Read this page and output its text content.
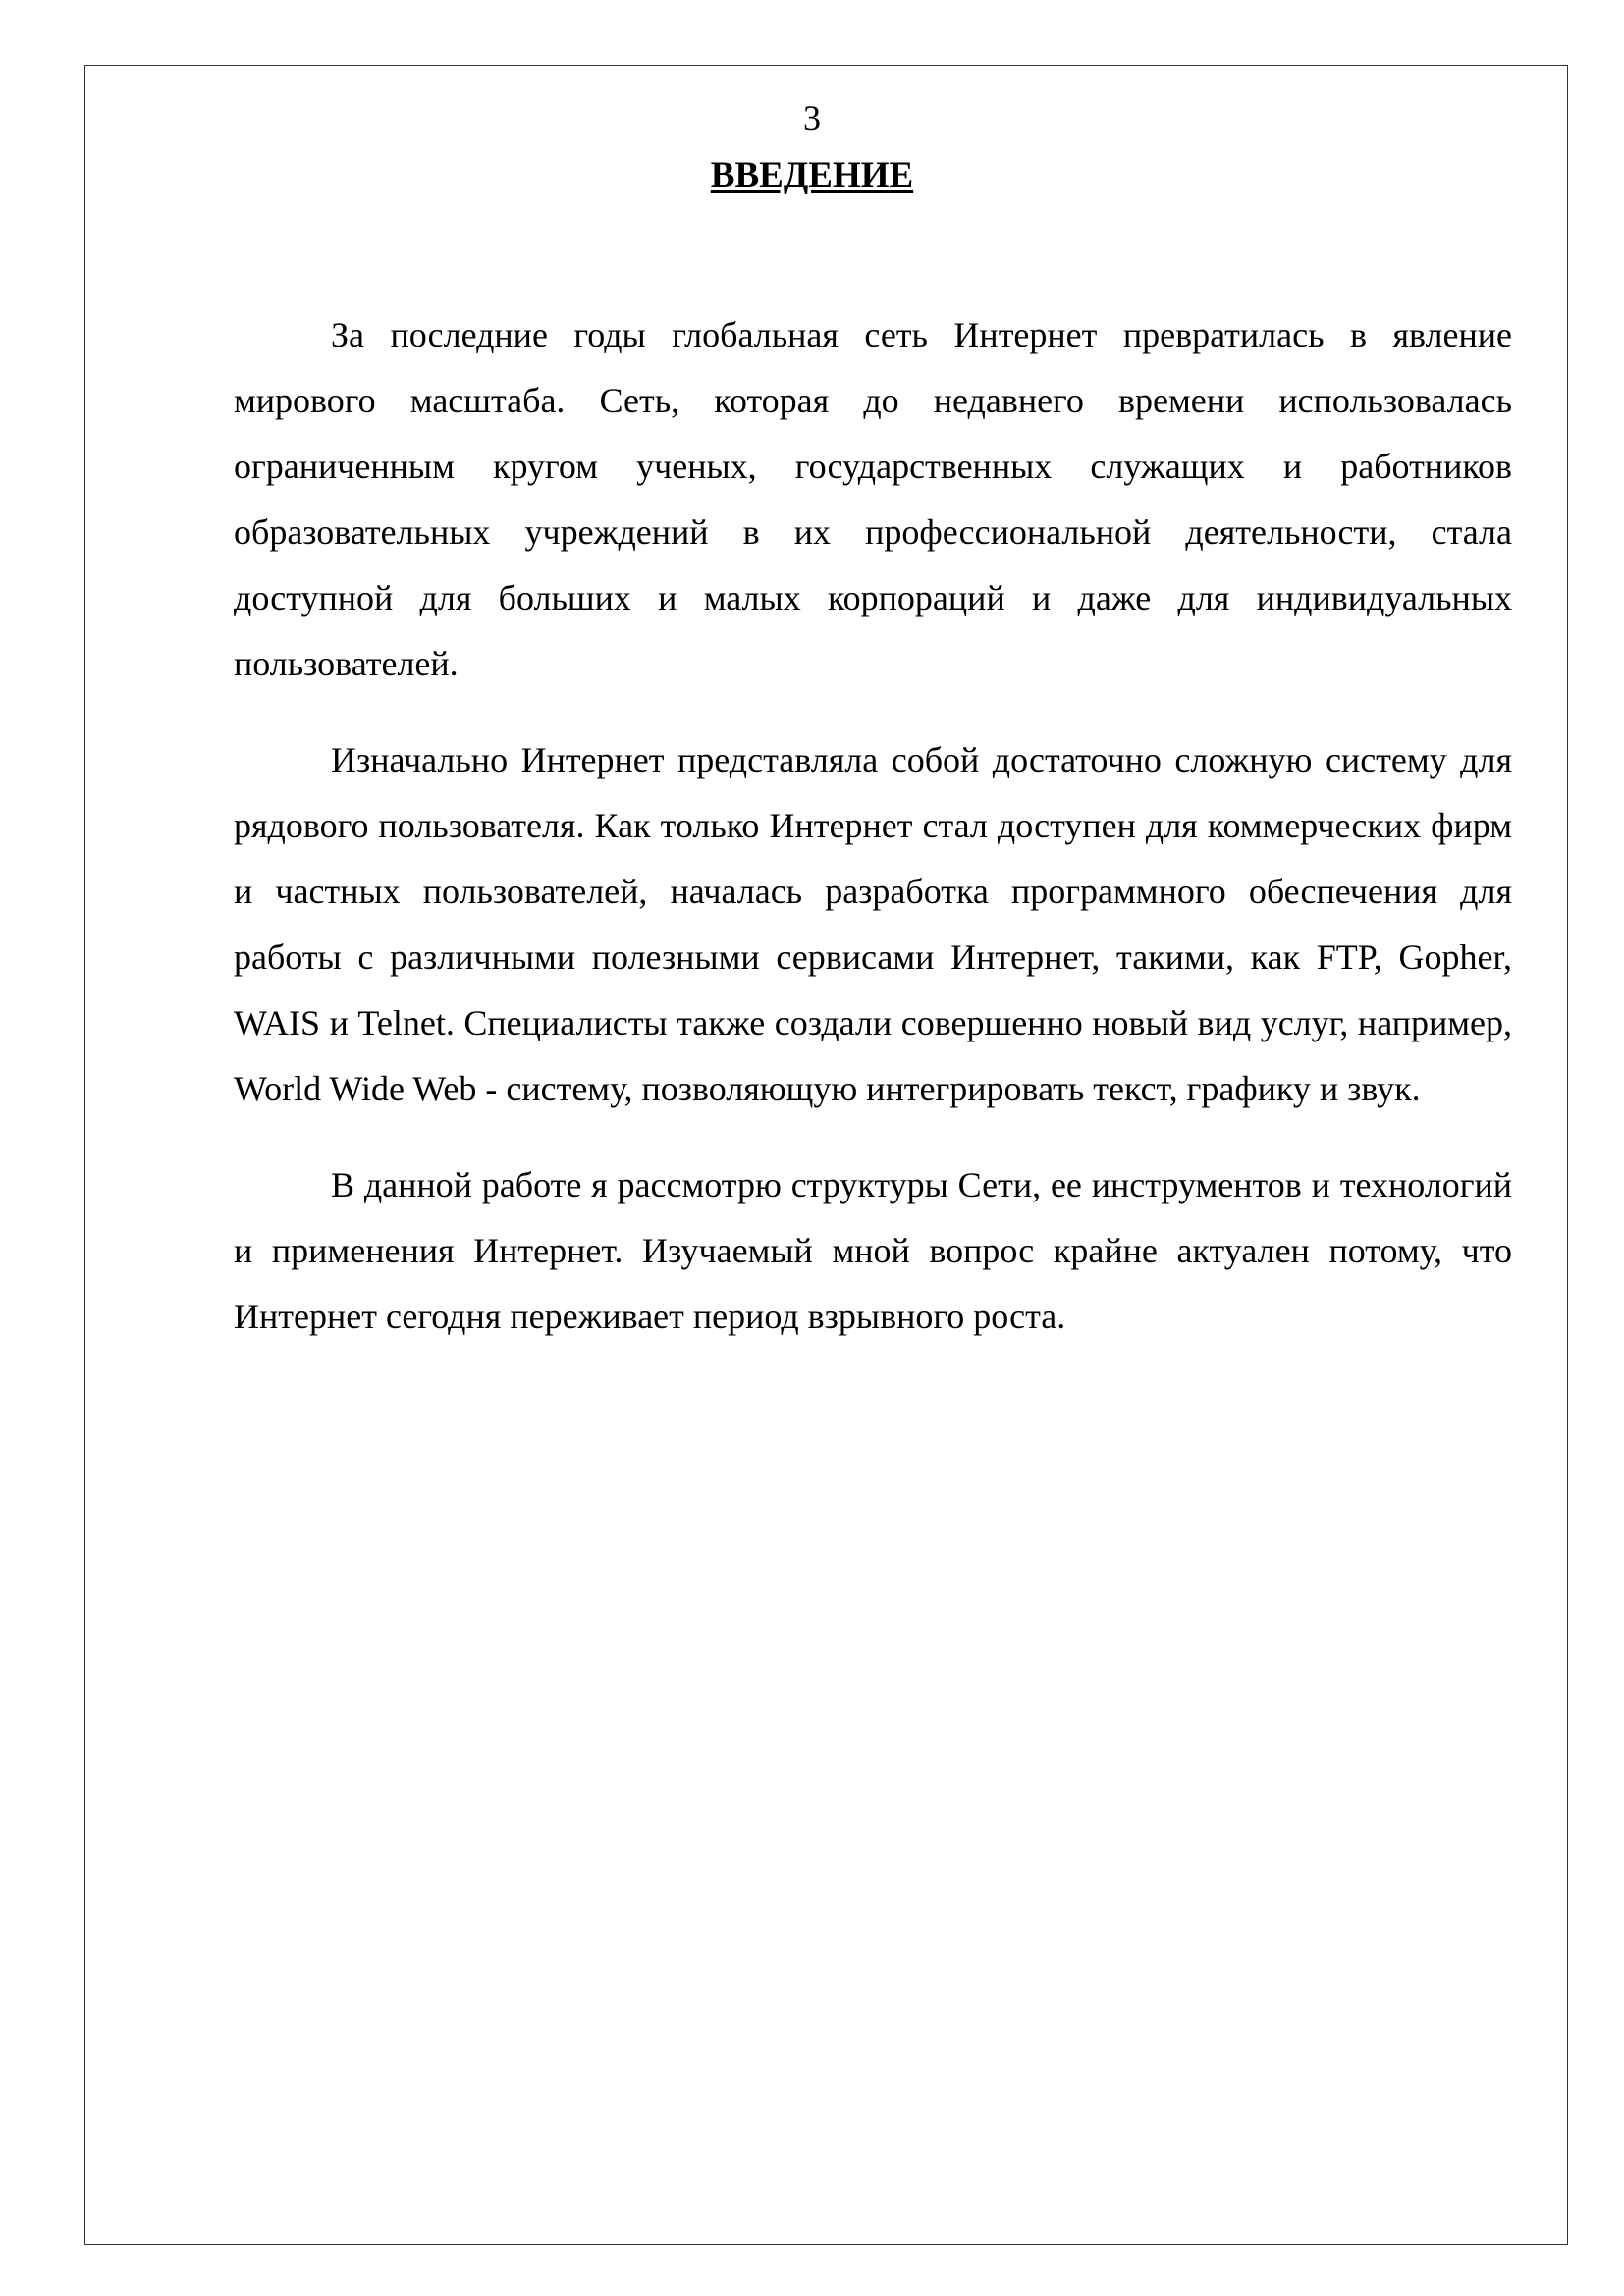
3
ВВЕДЕНИЕ

За последние годы глобальная сеть Интернет превратилась в явление мирового масштаба. Сеть, которая до недавнего времени использовалась ограниченным кругом ученых, государственных служащих и работников образовательных учреждений в их профессиональной деятельности, стала доступной для больших и малых корпораций и даже для индивидуальных пользователей.

Изначально Интернет представляла собой достаточно сложную систему для рядового пользователя. Как только Интернет стал доступен для коммерческих фирм и частных пользователей, началась разработка программного обеспечения для работы с различными полезными сервисами Интернет, такими, как FTP, Gopher, WAIS и Telnet. Специалисты также создали совершенно новый вид услуг, например, World Wide Web - систему, позволяющую интегрировать текст, графику и звук.

В данной работе я рассмотрю структуры Сети, ее инструментов и технологий и применения Интернет. Изучаемый мной вопрос крайне актуален потому, что Интернет сегодня переживает период взрывного роста.
